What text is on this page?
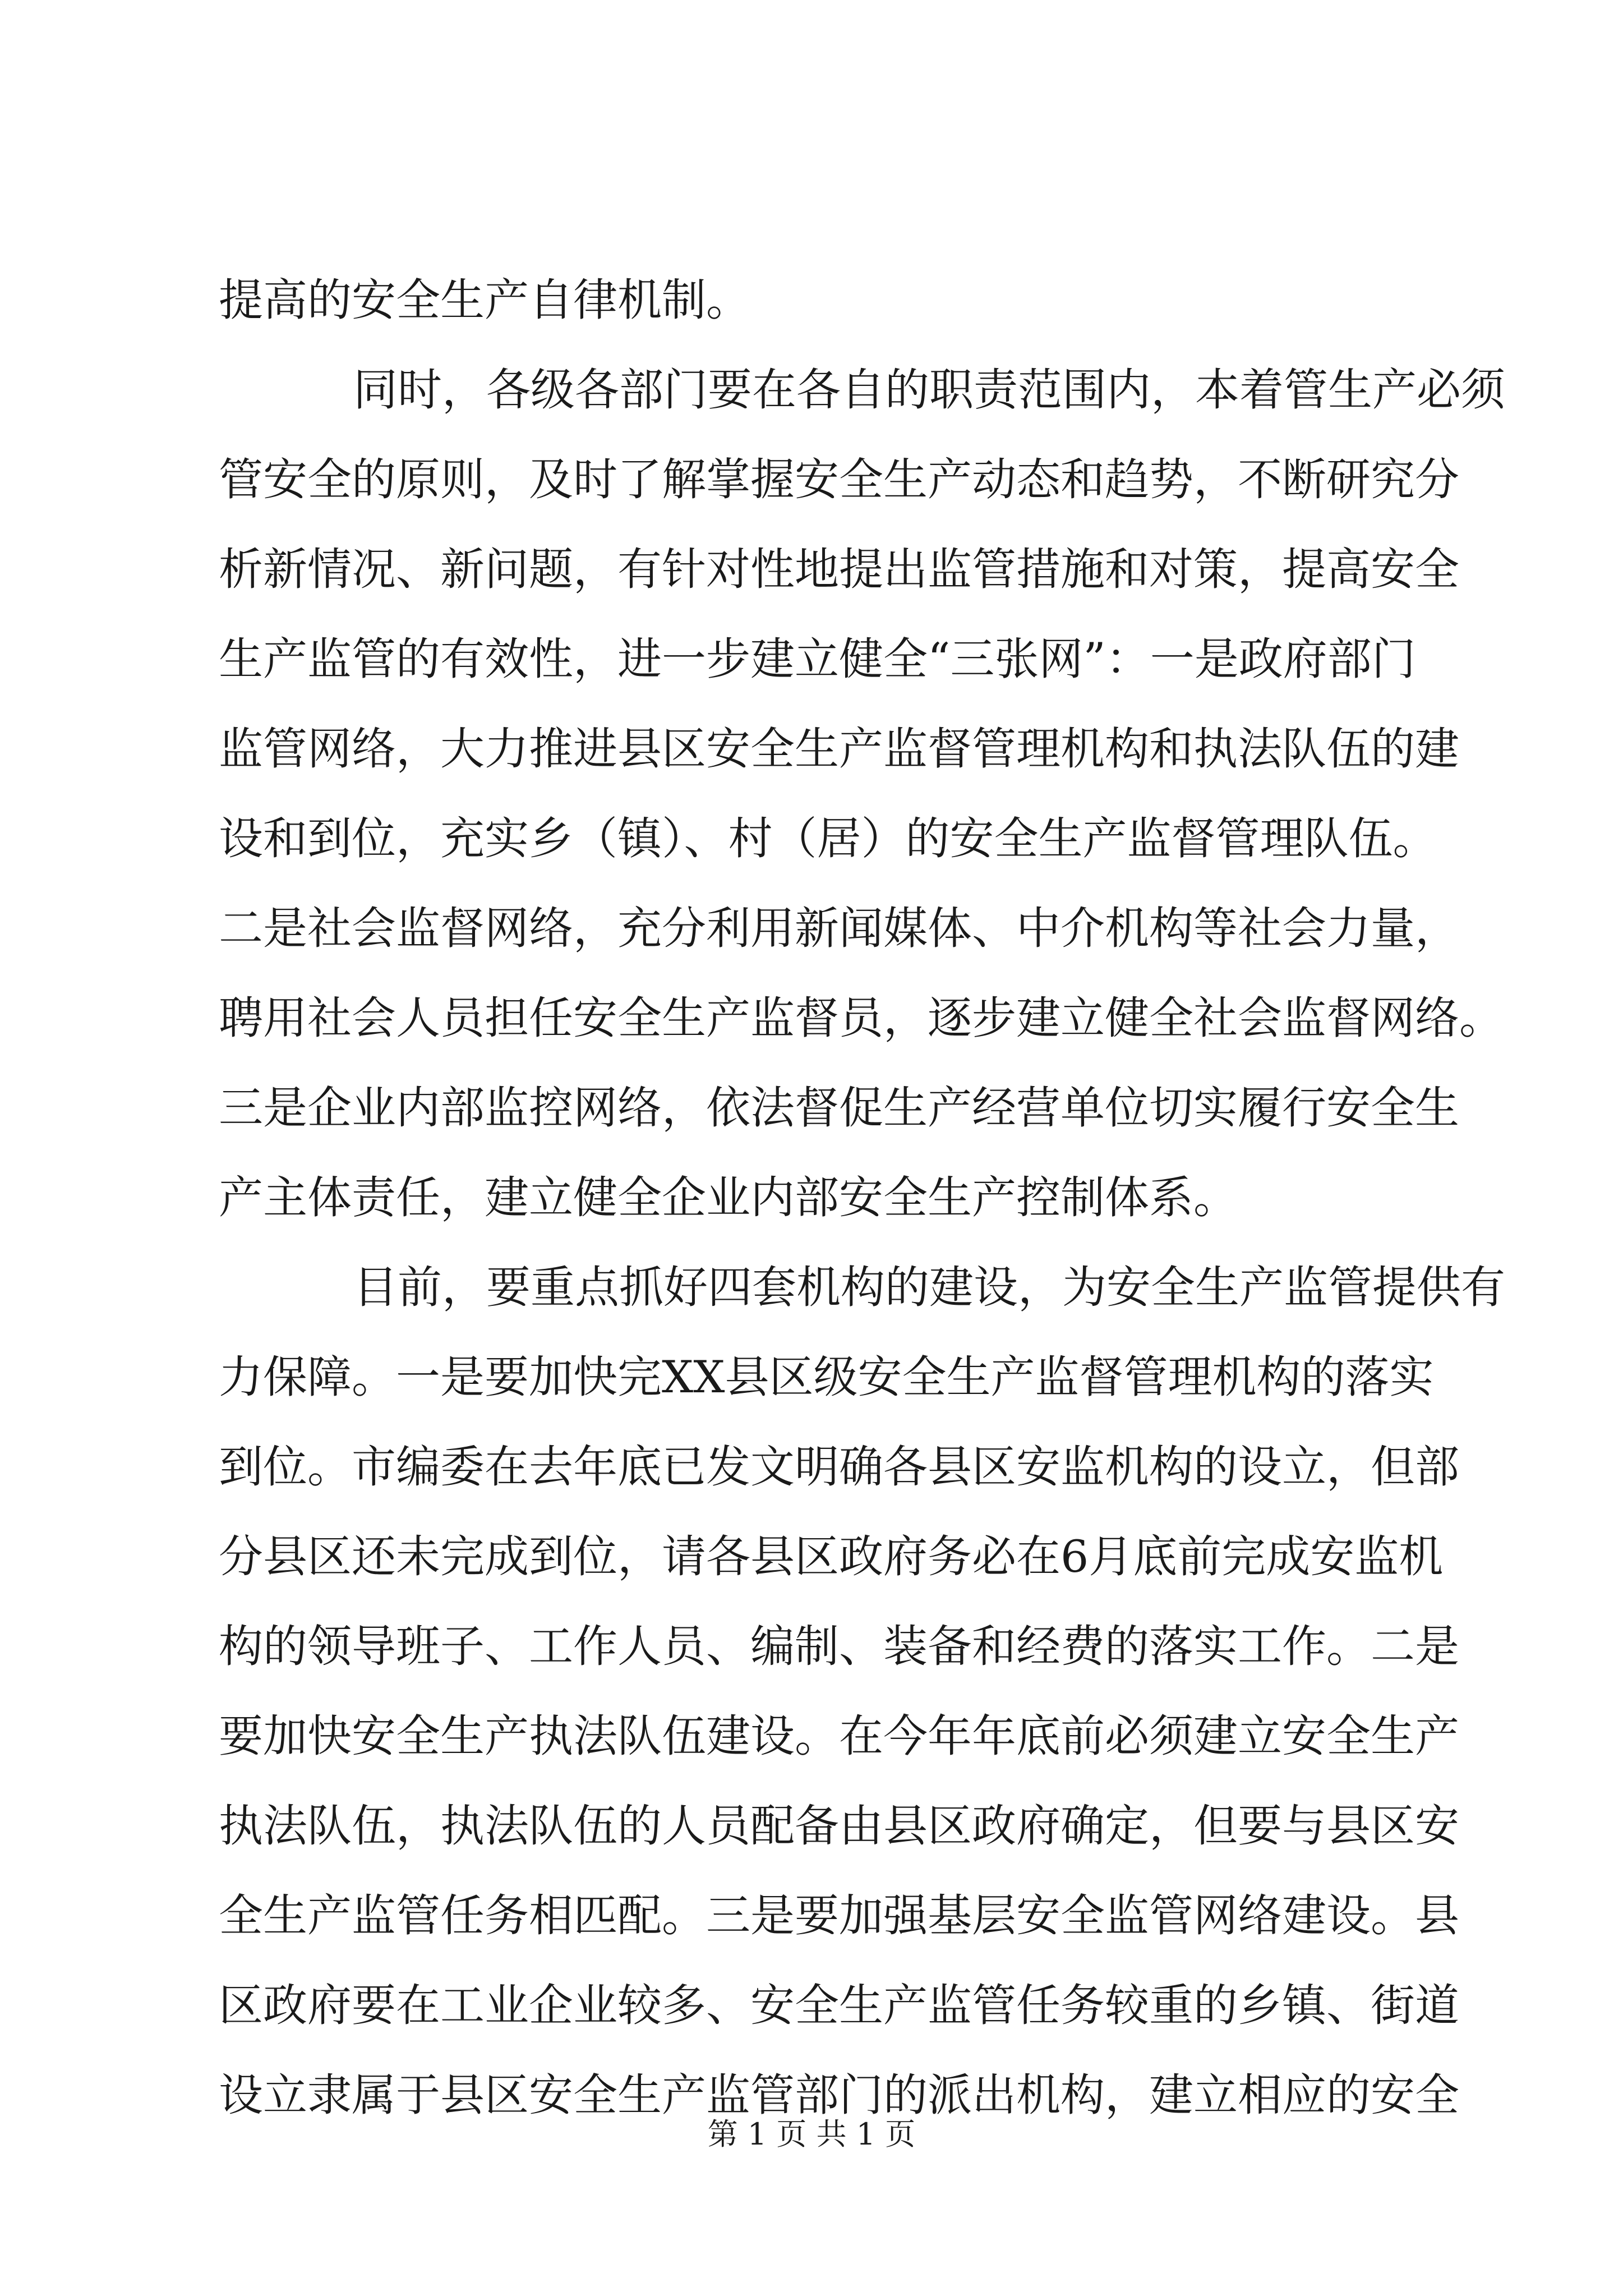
提高的安全生产自律机制。
同时，各级各部门要在各自的职责范围内，本着管生产必须
管安全的原则，及时了解掌握安全生产动态和趋势，不断研究分
析新情况、新问题，有针对性地提出监管措施和对策，提高安全
生产监管的有效性，进一步建立健全“三张网”：一是政府部门
监管网络，大力推进县区安全生产监督管理机构和执法队伍的建
设和到位，充实乡（镇）、村（居）的安全生产监督管理队伍。
二是社会监督网络，充分利用新闻媒体、中介机构等社会力量，
聘用社会人员担任安全生产监督员，逐步建立健全社会监督网络。
三是企业内部监控网络，依法督促生产经营单位切实履行安全生
产主体责任，建立健全企业内部安全生产控制体系。
目前，要重点抓好四套机构的建设，为安全生产监管提供有
力保障。一是要加快完XX县区级安全生产监督管理机构的落实
到位。市编委在去年底已发文明确各县区安监机构的设立，但部
分县区还未完成到位，请各县区政府务必在6月底前完成安监机
构的领导班子、工作人员、编制、装备和经费的落实工作。二是
要加快安全生产执法队伍建设。在今年年底前必须建立安全生产
执法队伍，执法队伍的人员配备由县区政府确定，但要与县区安
全生产监管任务相匹配。三是要加强基层安全监管网络建设。县
区政府要在工业企业较多、安全生产监管任务较重的乡镇、街道
设立隶属于县区安全生产监管部门的派出机构，建立相应的安全
第 1 页 共 1 页
